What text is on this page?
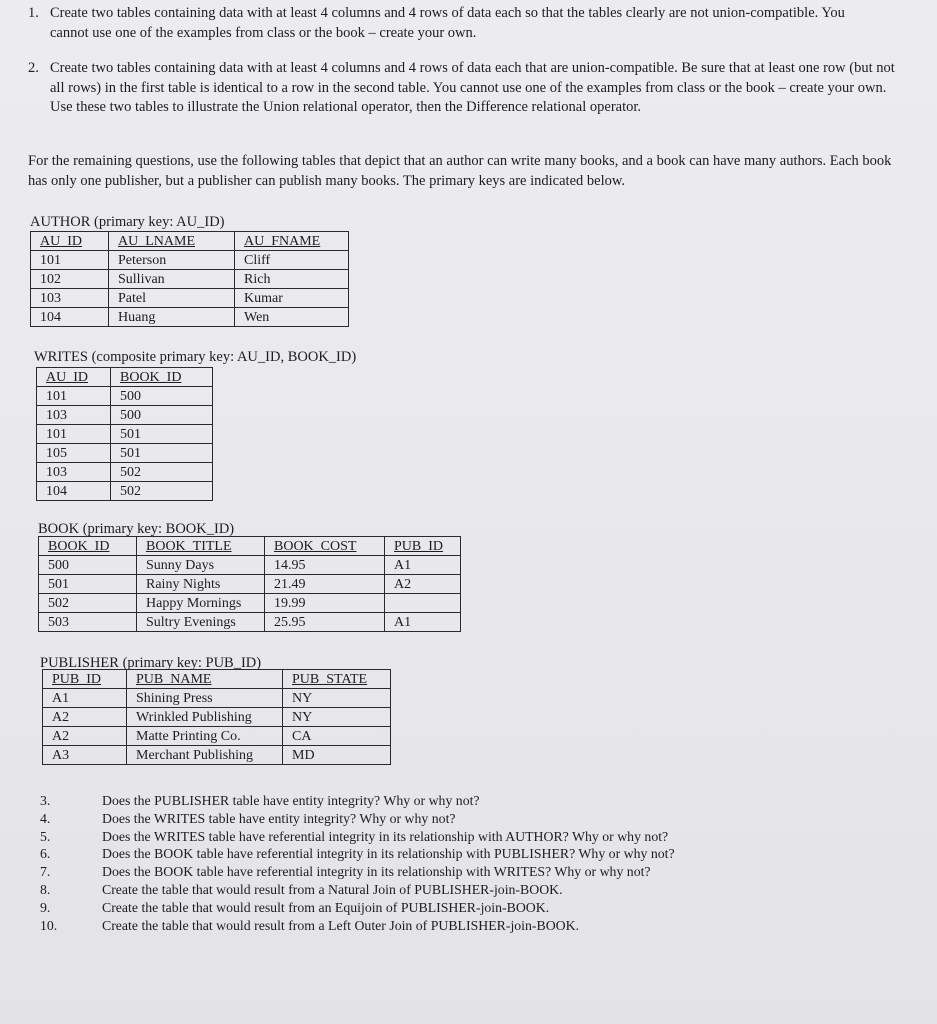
1. Create two tables containing data with at least 4 columns and 4 rows of data each so that the tables clearly are not union-compatible. You cannot use one of the examples from class or the book – create your own.
2. Create two tables containing data with at least 4 columns and 4 rows of data each that are union-compatible. Be sure that at least one row (but not all rows) in the first table is identical to a row in the second table. You cannot use one of the examples from class or the book – create your own. Use these two tables to illustrate the Union relational operator, then the Difference relational operator.
For the remaining questions, use the following tables that depict that an author can write many books, and a book can have many authors. Each book has only one publisher, but a publisher can publish many books. The primary keys are indicated below.
AUTHOR (primary key: AU_ID)
AU_ID	AU_LNAME	AU_FNAME
101	Peterson	Cliff
102	Sullivan	Rich
103	Patel	Kumar
104	Huang	Wen
WRITES (composite primary key: AU_ID, BOOK_ID)
AU_ID	BOOK_ID
101	500
103	500
101	501
105	501
103	502
104	502
BOOK (primary key: BOOK_ID)
BOOK_ID	BOOK_TITLE	BOOK_COST	PUB_ID
500	Sunny Days	14.95	A1
501	Rainy Nights	21.49	A2
502	Happy Mornings	19.99	
503	Sultry Evenings	25.95	A1
PUBLISHER (primary key: PUB_ID)
PUB_ID	PUB_NAME	PUB_STATE
A1	Shining Press	NY
A2	Wrinkled Publishing	NY
A2	Matte Printing Co.	CA
A3	Merchant Publishing	MD
3.	Does the PUBLISHER table have entity integrity? Why or why not?
4.	Does the WRITES table have entity integrity? Why or why not?
5.	Does the WRITES table have referential integrity in its relationship with AUTHOR? Why or why not?
6.	Does the BOOK table have referential integrity in its relationship with PUBLISHER? Why or why not?
7.	Does the BOOK table have referential integrity in its relationship with WRITES? Why or why not?
8.	Create the table that would result from a Natural Join of PUBLISHER-join-BOOK.
9.	Create the table that would result from an Equijoin of PUBLISHER-join-BOOK.
10.	Create the table that would result from a Left Outer Join of PUBLISHER-join-BOOK.
